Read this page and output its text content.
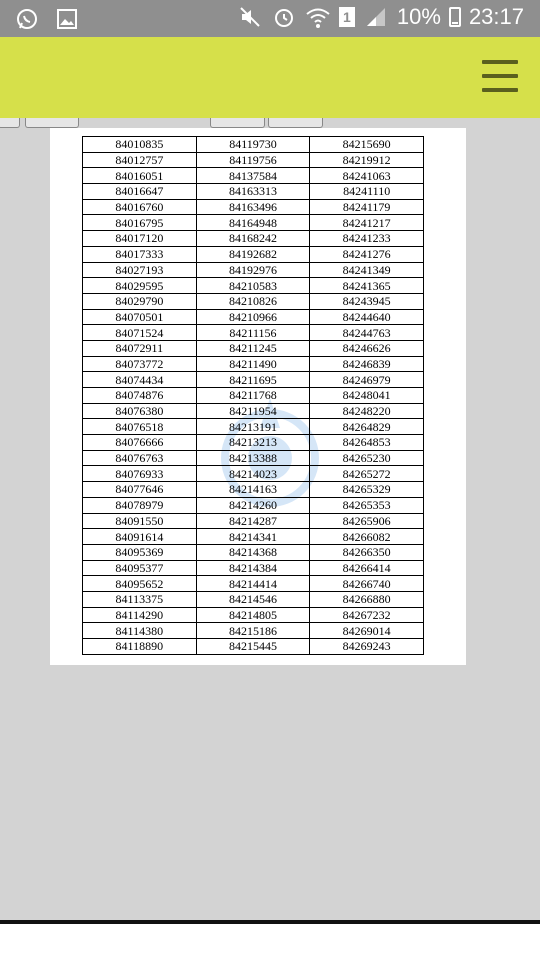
1 10% 23:17
84010835	84119730	84215690
84012757	84119756	84219912
84016051	84137584	84241063
84016647	84163313	84241110
84016760	84163496	84241179
84016795	84164948	84241217
84017120	84168242	84241233
84017333	84192682	84241276
84027193	84192976	84241349
84029595	84210583	84241365
84029790	84210826	84243945
84070501	84210966	84244640
84071524	84211156	84244763
84072911	84211245	84246626
84073772	84211490	84246839
84074434	84211695	84246979
84074876	84211768	84248041
84076380	84211954	84248220
84076518	84213191	84264829
84076666	84213213	84264853
84076763	84213388	84265230
84076933	84214023	84265272
84077646	84214163	84265329
84078979	84214260	84265353
84091550	84214287	84265906
84091614	84214341	84266082
84095369	84214368	84266350
84095377	84214384	84266414
84095652	84214414	84266740
84113375	84214546	84266880
84114290	84214805	84267232
84114380	84215186	84269014
84118890	84215445	84269243
